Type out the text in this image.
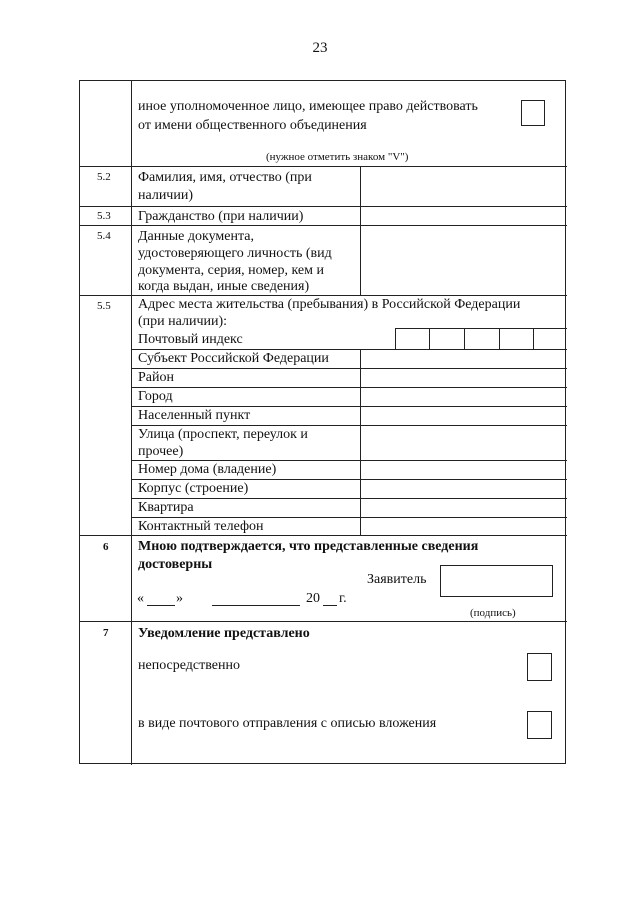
23
иное уполномоченное лицо, имеющее право действовать
от имени общественного объединения
(нужное отметить знаком "V")
5.2 Фамилия, имя, отчество (при
наличии)
5.3 Гражданство (при наличии)
5.4 Данные документа,
удостоверяющего личность (вид
документа, серия, номер, кем и
когда выдан, иные сведения)
5.5 Адрес места жительства (пребывания) в Российской Федерации
(при наличии):
Почтовый индекс
Субъект Российской Федерации
Район
Город
Населенный пункт
Улица (проспект, переулок и
прочее)
Номер дома (владение)
Корпус (строение)
Квартира
Контактный телефон
6 Мною подтверждается, что представленные сведения
достоверны
Заявитель
« »	20 г.
(подпись)
7 Уведомление представлено
непосредственно
в виде почтового отправления с описью вложения
